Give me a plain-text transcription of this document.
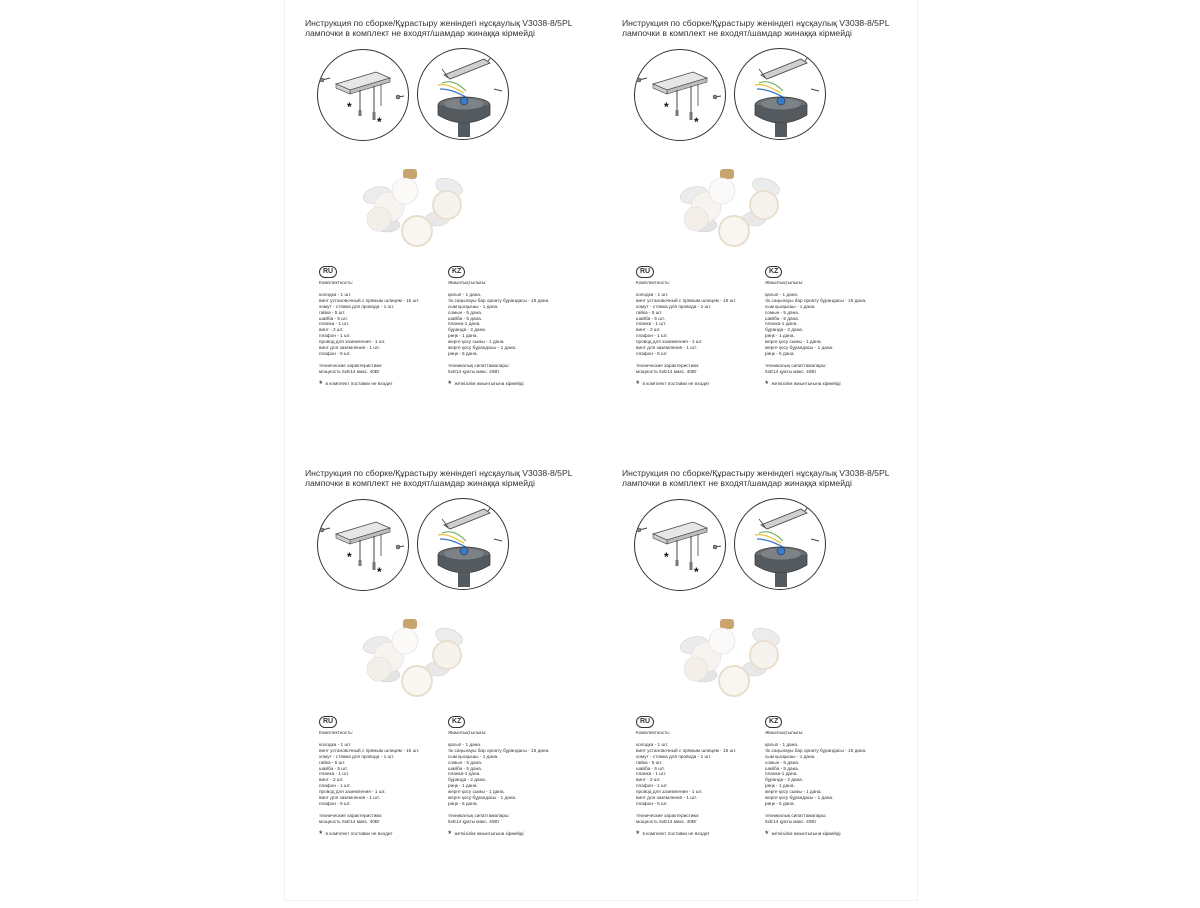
Инструкция по сборке/Құрастыру женіндегі нұсқаулық V3038-8/5PL
лампочки в комплект не входят/шамдар жинаққа кірмейді
*
*
RU	KZ
Комплектность:
колодка - 1 шт.
винт установочный с прямым шлицем - 15 шт.
хомут - стяжка для провода - 1 шт.
гайка - 5 шт.
шайба - 5 шт.
планка - 1 шт.
винт - 2 шт.
плафон - 1 шт.
провод для заземления - 1 шт.
винт для заземления - 1 шт.
плафон - 5 шт.
технические характеристики:
мощность 5хЕ14 макс. 40Вт
* в комплект поставки не входит
Жиынтықтылығы:
қалып - 1 дана.
тік саңылауы бар орнату бұрандасы - 15 дана.
сым қысқышы - 1 дана.
сомын - 5 дана.
шайба - 5 дана.
планка-1 дана.
бұранда - 2 дана.
рөңк - 1 дана.
жерге қосу сымы - 1 дана.
жерге қосу бұрандасы - 1 дана.
рөңк - 5 дана.
техникалық сипаттамалары:
5хЕ14 қуаты макс. 40Вт
* жеткізілім жиынтығына кірмейді
Инструкция по сборке/Құрастыру женіндегі нұсқаулық V3038-8/5PL
лампочки в комплект не входят/шамдар жинаққа кірмейді
*
*
RU	KZ
Комплектность:
колодка - 1 шт.
винт установочный с прямым шлицем - 15 шт.
хомут - стяжка для провода - 1 шт.
гайка - 5 шт.
шайба - 5 шт.
планка - 1 шт.
винт - 2 шт.
плафон - 1 шт.
провод для заземления - 1 шт.
винт для заземления - 1 шт.
плафон - 5 шт.
технические характеристики:
мощность 5хЕ14 макс. 40Вт
* в комплект поставки не входит
Жиынтықтылығы:
қалып - 1 дана.
тік саңылауы бар орнату бұрандасы - 15 дана.
сым қысқышы - 1 дана.
сомын - 5 дана.
шайба - 5 дана.
планка-1 дана.
бұранда - 2 дана.
рөңк - 1 дана.
жерге қосу сымы - 1 дана.
жерге қосу бұрандасы - 1 дана.
рөңк - 5 дана.
техникалық сипаттамалары:
5хЕ14 қуаты макс. 40Вт
* жеткізілім жиынтығына кірмейді
Инструкция по сборке/Құрастыру женіндегі нұсқаулық V3038-8/5PL
лампочки в комплект не входят/шамдар жинаққа кірмейді
*
*
RU	KZ
Комплектность:
колодка - 1 шт.
винт установочный с прямым шлицем - 15 шт.
хомут - стяжка для провода - 1 шт.
гайка - 5 шт.
шайба - 5 шт.
планка - 1 шт.
винт - 2 шт.
плафон - 1 шт.
провод для заземления - 1 шт.
винт для заземления - 1 шт.
плафон - 5 шт.
технические характеристики:
мощность 5хЕ14 макс. 40Вт
* в комплект поставки не входит
Жиынтықтылығы:
қалып - 1 дана.
тік саңылауы бар орнату бұрандасы - 15 дана.
сым қысқышы - 1 дана.
сомын - 5 дана.
шайба - 5 дана.
планка-1 дана.
бұранда - 2 дана.
рөңк - 1 дана.
жерге қосу сымы - 1 дана.
жерге қосу бұрандасы - 1 дана.
рөңк - 5 дана.
техникалық сипаттамалары:
5хЕ14 қуаты макс. 40Вт
* жеткізілім жиынтығына кірмейді
Инструкция по сборке/Құрастыру женіндегі нұсқаулық V3038-8/5PL
лампочки в комплект не входят/шамдар жинаққа кірмейді
*
*
RU	KZ
Комплектность:
колодка - 1 шт.
винт установочный с прямым шлицем - 15 шт.
хомут - стяжка для провода - 1 шт.
гайка - 5 шт.
шайба - 5 шт.
планка - 1 шт.
винт - 2 шт.
плафон - 1 шт.
провод для заземления - 1 шт.
винт для заземления - 1 шт.
плафон - 5 шт.
технические характеристики:
мощность 5хЕ14 макс. 40Вт
* в комплект поставки не входит
Жиынтықтылығы:
қалып - 1 дана.
тік саңылауы бар орнату бұрандасы - 15 дана.
сым қысқышы - 1 дана.
сомын - 5 дана.
шайба - 5 дана.
планка-1 дана.
бұранда - 2 дана.
рөңк - 1 дана.
жерге қосу сымы - 1 дана.
жерге қосу бұрандасы - 1 дана.
рөңк - 5 дана.
техникалық сипаттамалары:
5хЕ14 қуаты макс. 40Вт
* жеткізілім жиынтығына кірмейді
